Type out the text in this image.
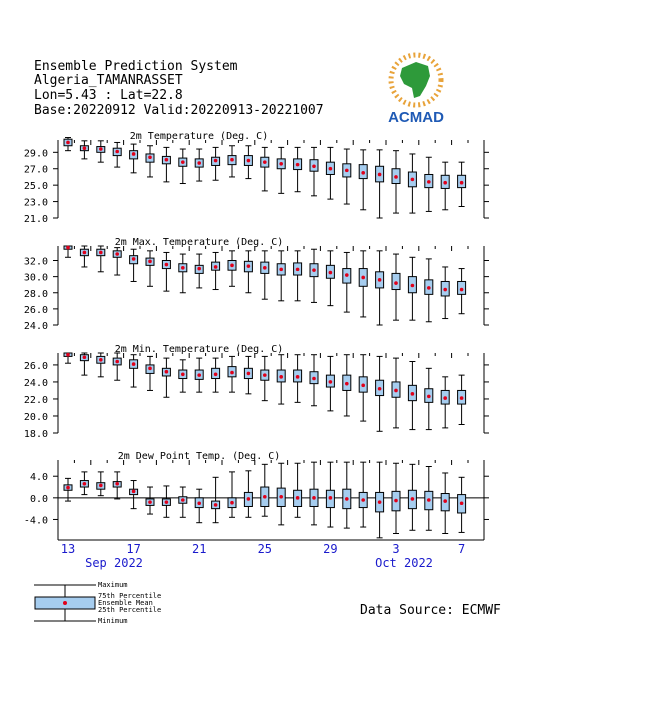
Ensemble Prediction System
Algeria_TAMANRASSET
Lon=5.43 : Lat=22.8
Base:20220912 Valid:20220913-20221007	ACMAD
2m Temperature (Deg. C)
29.0
27.0
25.0
23.0
21.0
2m Max. Temperature (Deg. C)
32.0
30.0
28.0
26.0
24.0
2m Min. Temperature (Deg. C)
26.0
24.0
22.0
20.0
18.0
2m Dew Point Temp. (Deg. C)
4.0
0.0
-4.0
13	17	21	25	29	3	7
Sep 2022	Oct 2022
Data Source: ECMWF
Maximum
75th Percentile
Ensemble Mean
25th Percentile
Minimum
